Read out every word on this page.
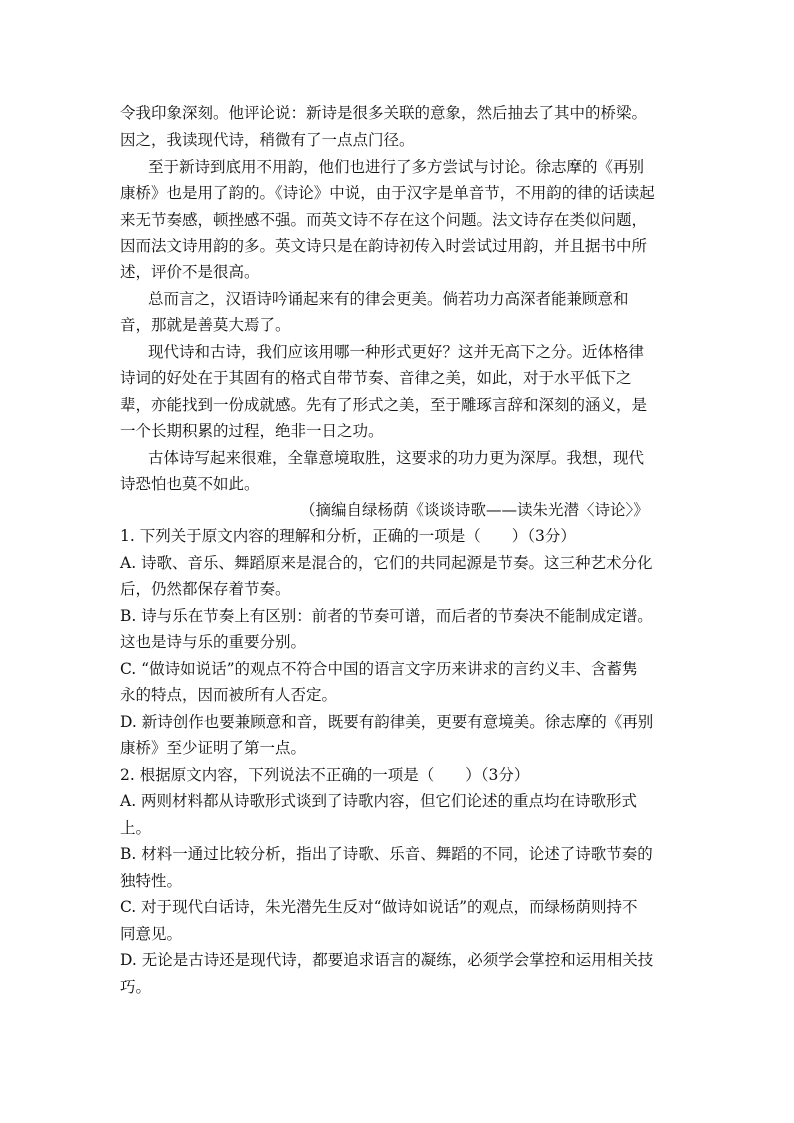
令我印象深刻。他评论说：新诗是很多关联的意象，然后抽去了其中的桥梁。
因之，我读现代诗，稍微有了一点点门径。
至于新诗到底用不用韵，他们也进行了多方尝试与讨论。徐志摩的《再别
康桥》也是用了韵的。《诗论》中说，由于汉字是单音节，不用韵的律的话读起
来无节奏感，顿挫感不强。而英文诗不存在这个问题。法文诗存在类似问题，
因而法文诗用韵的多。英文诗只是在韵诗初传入时尝试过用韵，并且据书中所
述，评价不是很高。
总而言之，汉语诗吟诵起来有的律会更美。倘若功力高深者能兼顾意和
音，那就是善莫大焉了。
现代诗和古诗，我们应该用哪一种形式更好？这并无高下之分。近体格律
诗词的好处在于其固有的格式自带节奏、音律之美，如此，对于水平低下之
辈，亦能找到一份成就感。先有了形式之美，至于雕琢言辞和深刻的涵义，是
一个长期积累的过程，绝非一日之功。
古体诗写起来很难，全靠意境取胜，这要求的功力更为深厚。我想，现代
诗恐怕也莫不如此。
（摘编自绿杨荫《谈谈诗歌——读朱光潜〈诗论〉》
1. 下列关于原文内容的理解和分析，正确的一项是（　　）（3分）
A. 诗歌、音乐、舞蹈原来是混合的，它们的共同起源是节奏。这三种艺术分化
后，仍然都保存着节奏。
B. 诗与乐在节奏上有区别：前者的节奏可谱，而后者的节奏决不能制成定谱。
这也是诗与乐的重要分别。
C. “做诗如说话”的观点不符合中国的语言文字历来讲求的言约义丰、含蓄隽
永的特点，因而被所有人否定。
D. 新诗创作也要兼顾意和音，既要有韵律美，更要有意境美。徐志摩的《再别
康桥》至少证明了第一点。
2. 根据原文内容，下列说法不正确的一项是（　　）（3分）
A. 两则材料都从诗歌形式谈到了诗歌内容，但它们论述的重点均在诗歌形式
上。
B. 材料一通过比较分析，指出了诗歌、乐音、舞蹈的不同，论述了诗歌节奏的
独特性。
C. 对于现代白话诗，朱光潜先生反对“做诗如说话”的观点，而绿杨荫则持不
同意见。
D. 无论是古诗还是现代诗，都要追求语言的凝练，必须学会掌控和运用相关技
巧。
